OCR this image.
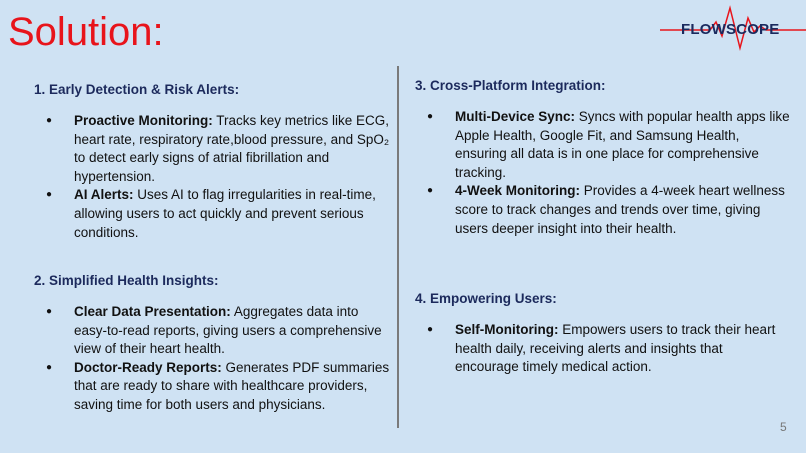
Solution:	FLOWSCOPE
1. Early Detection & Risk Alerts:
● Proactive Monitoring: Tracks key metrics like ECG, heart rate, respiratory rate,blood pressure, and SpO₂ to detect early signs of atrial fibrillation and hypertension.
● AI Alerts: Uses AI to flag irregularities in real-time, allowing users to act quickly and prevent serious conditions.
2. Simplified Health Insights:
● Clear Data Presentation: Aggregates data into easy-to-read reports, giving users a comprehensive view of their heart health.
● Doctor-Ready Reports: Generates PDF summaries that are ready to share with healthcare providers, saving time for both users and physicians.
3. Cross-Platform Integration:
● Multi-Device Sync: Syncs with popular health apps like Apple Health, Google Fit, and Samsung Health, ensuring all data is in one place for comprehensive tracking.
● 4-Week Monitoring: Provides a 4-week heart wellness score to track changes and trends over time, giving users deeper insight into their health.
4. Empowering Users:
● Self-Monitoring: Empowers users to track their heart health daily, receiving alerts and insights that encourage timely medical action.
5
